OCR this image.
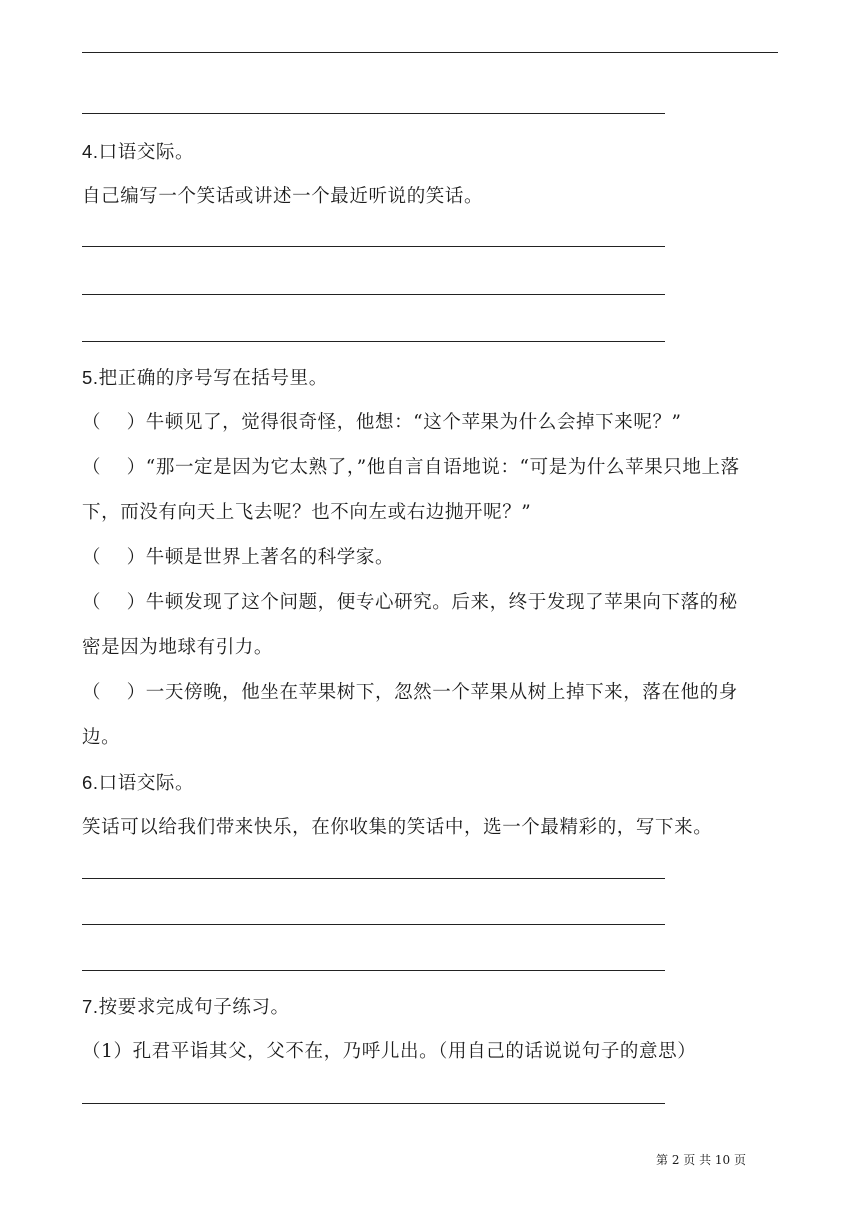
4.口语交际。
自己编写一个笑话或讲述一个最近听说的笑话。
5.把正确的序号写在括号里。
（　 ）牛顿见了，觉得很奇怪，他想：“这个苹果为什么会掉下来呢？”
（　 ）“那一定是因为它太熟了，”他自言自语地说：“可是为什么苹果只地上落
下，而没有向天上飞去呢？也不向左或右边抛开呢？”
（　 ）牛顿是世界上著名的科学家。
（　 ）牛顿发现了这个问题，便专心研究。后来，终于发现了苹果向下落的秘
密是因为地球有引力。
（　 ）一天傍晚，他坐在苹果树下，忽然一个苹果从树上掉下来，落在他的身
边。
6.口语交际。
笑话可以给我们带来快乐，在你收集的笑话中，选一个最精彩的，写下来。
7.按要求完成句子练习。
（1）孔君平诣其父，父不在，乃呼儿出。（用自己的话说说句子的意思）
第 2 页 共 10 页
